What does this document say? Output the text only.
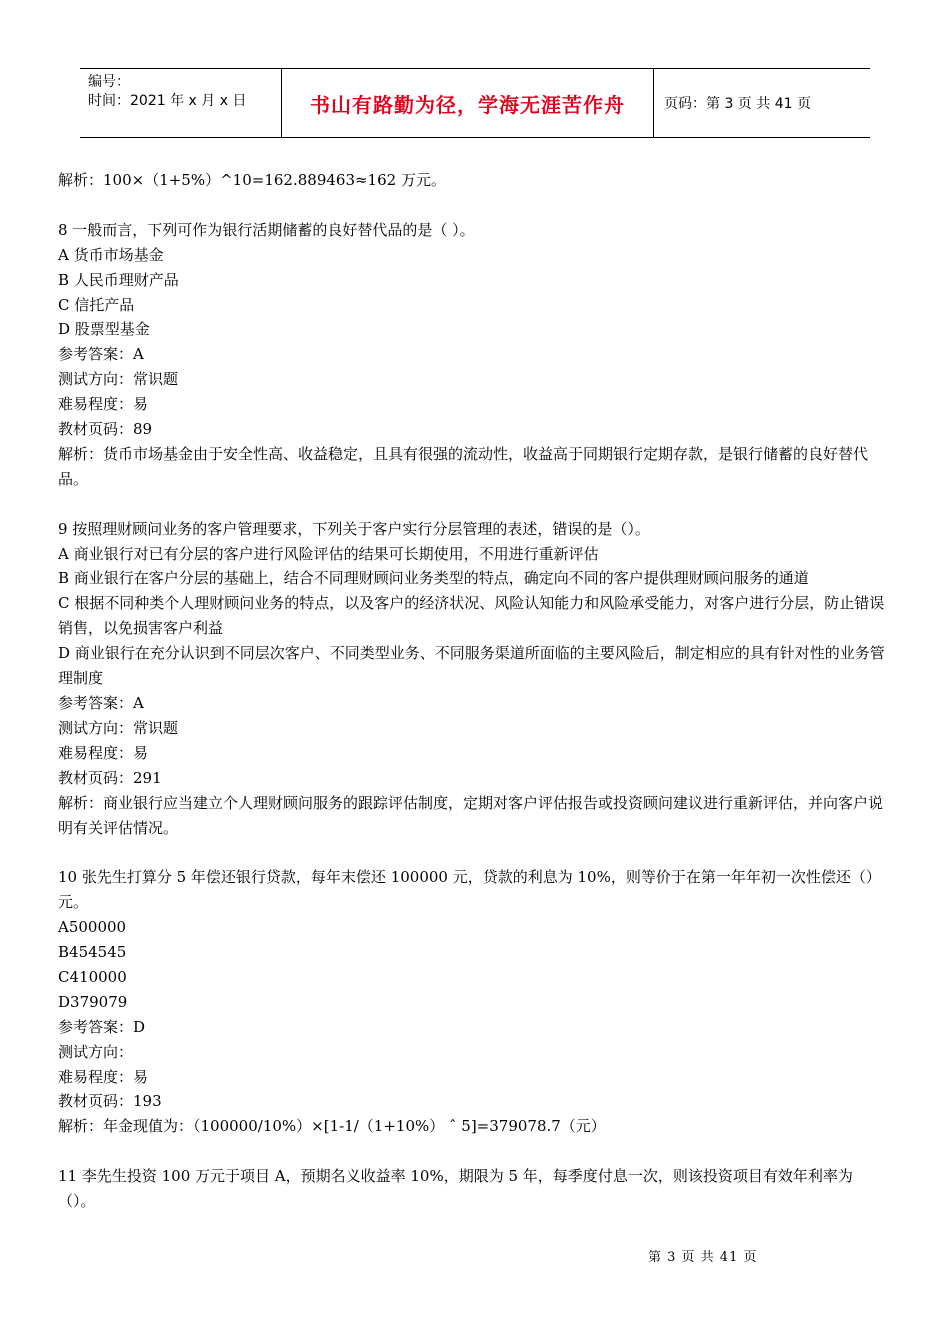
编号：
时间：2021 年 x 月 x 日	书山有路勤为径，学海无涯苦作舟	页码：第 3 页 共 41 页
解析：100×（1+5%）^10=162.889463≈162 万元。
8 一般而言，下列可作为银行活期储蓄的良好替代品的是（ ）。
A 货币市场基金
B 人民币理财产品
C 信托产品
D 股票型基金
参考答案：A
测试方向：常识题
难易程度：易
教材页码：89
解析：货币市场基金由于安全性高、收益稳定，且具有很强的流动性，收益高于同期银行定期存款，是银行储蓄的良好替代品。
9 按照理财顾问业务的客户管理要求，下列关于客户实行分层管理的表述，错误的是（）。
A 商业银行对已有分层的客户进行风险评估的结果可长期使用，不用进行重新评估
B 商业银行在客户分层的基础上，结合不同理财顾问业务类型的特点，确定向不同的客户提供理财顾问服务的通道
C 根据不同种类个人理财顾问业务的特点，以及客户的经济状况、风险认知能力和风险承受能力，对客户进行分层，防止错误销售，以免损害客户利益
D 商业银行在充分认识到不同层次客户、不同类型业务、不同服务渠道所面临的主要风险后，制定相应的具有针对性的业务管理制度
参考答案：A
测试方向：常识题
难易程度：易
教材页码：291
解析：商业银行应当建立个人理财顾问服务的跟踪评估制度，定期对客户评估报告或投资顾问建议进行重新评估，并向客户说明有关评估情况。
10 张先生打算分 5 年偿还银行贷款，每年末偿还 100000 元，贷款的利息为 10%，则等价于在第一年年初一次性偿还（）元。
A500000
B454545
C410000
D379079
参考答案：D
测试方向：
难易程度：易
教材页码：193
解析：年金现值为：（100000/10%）×[1-1/（1+10%） ˆ 5]=379078.7（元）
11 李先生投资 100 万元于项目 A，预期名义收益率 10%，期限为 5 年，每季度付息一次，则该投资项目有效年利率为（）。
第 3 页 共 41 页
